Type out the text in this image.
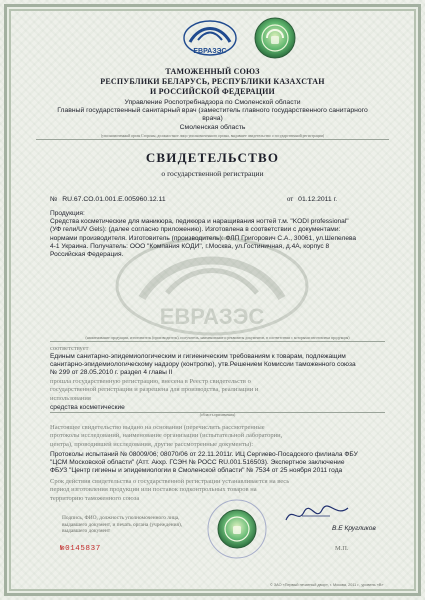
ЕВРАЗЭС
ЕВРАЗЭС
ТАМОЖЕННЫЙ СОЮЗ
РЕСПУБЛИКИ БЕЛАРУСЬ, РЕСПУБЛИКИ КАЗАХСТАН
И РОССИЙСКОЙ ФЕДЕРАЦИИ
Управление Роспотребнадзора по Смоленской области
Главный государственный санитарный врач (заместитель главного государственного санитарного
врача)
Смоленская область
(уполномоченный орган Стороны, должностное лицо уполномоченного органа, выдавшее свидетельство о государственной регистрации)
СВИДЕТЕЛЬСТВО
о государственной регистрации
№ RU.67.CO.01.001.E.005960.12.11	от 01.12.2011 г.
Продукция:
Средства косметические для маникюра, педикюра и наращивания ногтей т.м. "KODI professional"
(УФ гели/UV Gels): (далее согласно приложению). Изготовлена в соответствии с документами:
нормами производителя. Изготовитель (производитель): ФЛП Григорович С.А., 30061, ул.Шепелева
4-1 Украина. Получатель: ООО "Компания КОДИ", г.Москва, ул.Гостиничная, д.4А, корпус 8
Российская Федерация.
(наименование продукции, изготовитель (производитель), получатель, наименование и реквизиты документов, в соответствии с которыми изготовлена продукция)
соответствует
Единым санитарно-эпидемиологическим и гигиеническим требованиям к товарам, подлежащим
санитарно-эпидемиологическому надзору (контролю), утв.Решением Комиссии таможенного союза
№ 299 от 28.05.2010 г. раздел 4 главы II
прошла государственную регистрацию, внесена в Реестр свидетельств о
государственной регистрации и разрешена для производства, реализации и
использования
средства косметические
(область применения)
Настоящее свидетельство выдано на основании (перечислить рассмотренные
протоколы исследований, наименование организации (испытательной лаборатории,
центра), проводившей исследования, другие рассмотренные документы):
Протоколы испытаний № 08009/06; 08070/06 от 22.11.2011г. ИЦ Сергиево-Посадского филиала ФБУ
"ЦСМ Московской области" (Атт. Акхр. ГСЭН № POCC RU.001.516503). Экспертное заключение
ФБУЗ "Центр гигиены и эпидемиологии в Смоленской области" № 7534 от 25 ноября 2011 года
Срок действия свидетельства о государственной регистрации устанавливается на весь
период изготовления продукции или поставок подконтрольных товаров на
территорию таможенного союза
Подпись, ФИО, должность уполномоченного лица,
выдавшего документ, и печать органа (учреждения),
выдавшего документ	В.Е Кругликов
№0145837	М.П.
© ЗАО «Первый печатный двор», г. Москва, 2011 г., уровень «В»
